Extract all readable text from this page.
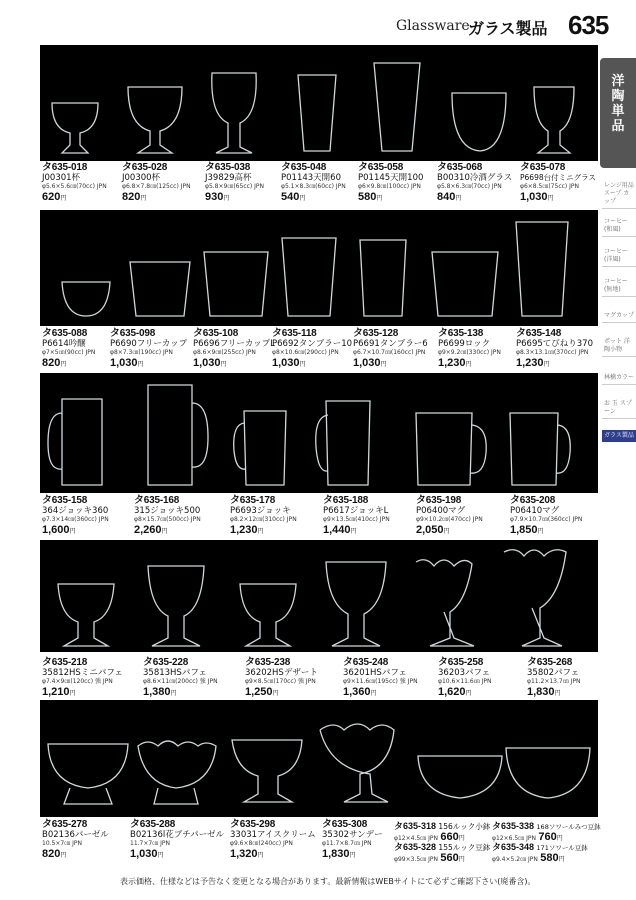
Glassware
ガラス製品 635
洋陶単品
レンジ用品 スープ カップ
コーヒー (和風)
コーヒー (洋風)
コーヒー (無地)
マグカップ
ポット 洋陶小物
林檎カラー
お 玉 スプーン
ガラス製品
タ635-018
J00301杯
φ5.6×5.6㎝(70cc) JPN
620円
タ635-028
J00300杯
φ6.8×7.8㎝(125cc) JPN
820円
タ635-038
J39829高杯
φ5.8×9㎝(65cc) JPN
930円
タ635-048
P01143天開60
φ5.1×8.3㎝(60cc) JPN
540円
タ635-058
P01145天開100
φ6×9.8㎝(100cc) JPN
580円
タ635-068
B00310冷酒グラス
φ5.8×6.3㎝(70cc) JPN
840円
タ635-078
P6698台付ミニグラス
φ6×8.5㎝(75cc) JPN
1,030円
タ635-088
P6614吟醸
φ7×5㎝(90cc) JPN
820円
タ635-098
P6690フリーカップ
φ8×7.3㎝(190cc) JPN
1,030円
タ635-108
P6696フリーカップL
φ8.6×9㎝(255cc) JPN
1,030円
タ635-118
P6692タンブラー10
φ8×10.6㎝(290cc) JPN
1,030円
タ635-128
P6691タンブラー6
φ6.7×10.7㎝(160cc) JPN
1,030円
タ635-138
P6699ロック
φ9×9.2㎝(330cc) JPN
1,230円
タ635-148
P6695てびねり370
φ8.3×13.1㎝(370cc) JPN
1,230円
タ635-158
364ジョッキ360
φ7.3×14㎝(360cc) JPN
1,600円
タ635-168
315ジョッキ500
φ8×15.7㎝(500cc) JPN
2,260円
タ635-178
P6693ジョッキ
φ8.2×12㎝(310cc) JPN
1,230円
タ635-188
P6617ジョッキL
φ9×13.5㎝(410cc) JPN
1,440円
タ635-198
P06400マグ
φ9×10.2㎝(470cc) JPN
2,050円
タ635-208
P06410マグ
φ7.9×10.7㎝(360cc) JPN
1,850円
タ635-218
35812HSミニパフェ
φ7.4×9㎝(120cc) 強 JPN
1,210円
タ635-228
35813HSパフェ
φ8.6×11㎝(200cc) 強 JPN
1,380円
タ635-238
36202HSデザート
φ9×8.5㎝(170cc) 強 JPN
1,250円
タ635-248
36201HSパフェ
φ9×11.6㎝(195cc) 強 JPN
1,360円
タ635-258
36203パフェ
φ10.6×11.6㎝ JPN
1,620円
タ635-268
35802パフェ
φ11.2×13.7㎝ JPN
1,830円
タ635-278
B02136パーゼル
10.5×7㎝ JPN
820円
タ635-288
B02136l花ブチパーゼル
11.7×7㎝ JPN
1,030円
タ635-298
33031アイスクリーム
φ9.6×8㎝(240cc) JPN
1,320円
タ635-308
35302サンデー
φ11.7×8.7㎝ JPN
1,830円
タ635-318 156ルック小鉢
φ12×4.5㎝ JPN 660円
タ635-328 155ルック豆鉢
φ99×3.5㎝ JPN 560円
タ635-338 168ソワールみつ豆鉢
φ12×6.5㎝ JPN 760円
タ635-348 171ソワール豆鉢
φ9.4×5.2㎝ JPN 580円
表示価格、仕様などは予告なく変更となる場合があります。最新情報はWEBサイトにて必ずご確認下さい(廃番含)。
